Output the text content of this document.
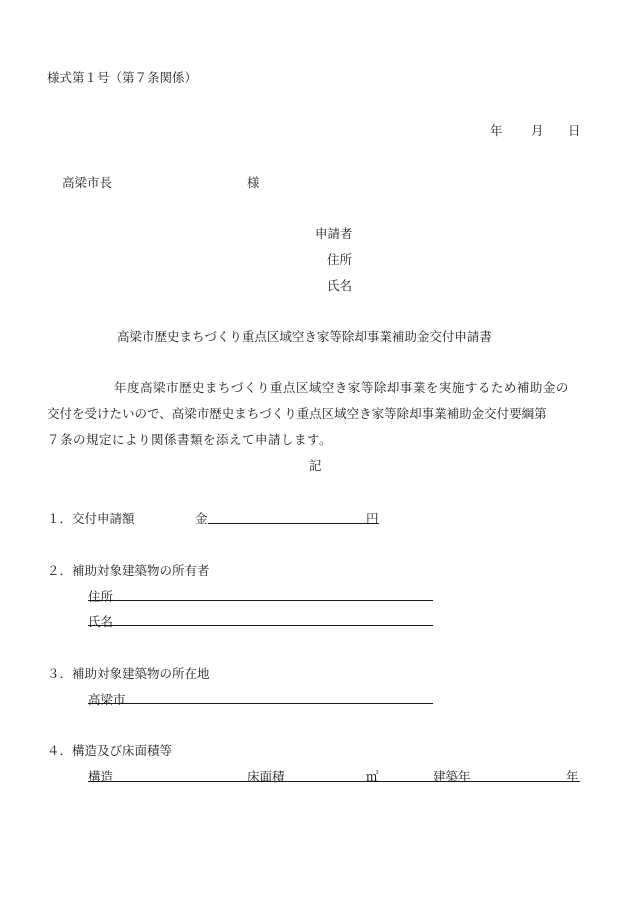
様式第１号（第７条関係）
年 月 日
高梁市長	様
申請者
住所
氏名
高梁市歴史まちづくり重点区域空き家等除却事業補助金交付申請書
年度高梁市歴史まちづくり重点区域空き家等除却事業を実施するため補助金の
交付を受けたいので、高梁市歴史まちづくり重点区域空き家等除却事業補助金交付要綱第
７条の規定により関係書類を添えて申請します。
記
１．交付申請額	金	円
２．補助対象建築物の所有者
住所
氏名
３．補助対象建築物の所在地
高梁市
４．構造及び床面積等
構造	床面積	㎡	建築年	年
